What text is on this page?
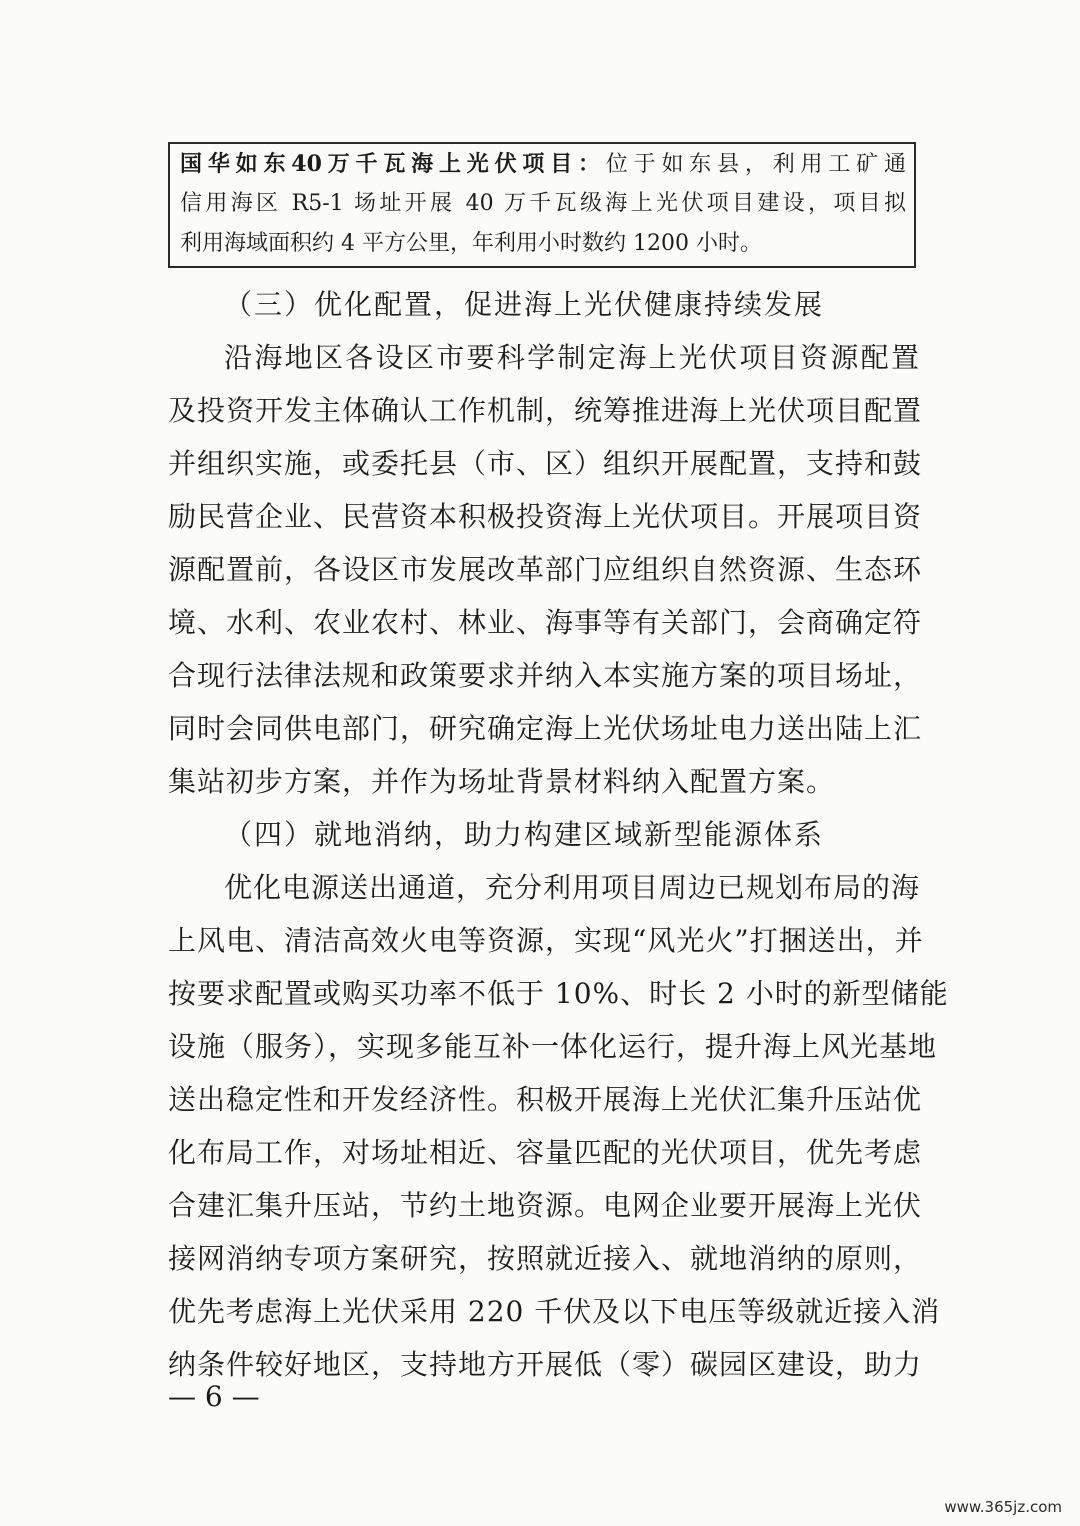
国华如东40万千瓦海上光伏项目：位于如东县，利用工矿通
信用海区 R5-1 场址开展 40 万千瓦级海上光伏项目建设，项目拟
利用海域面积约 4 平方公里，年利用小时数约 1200 小时。
（三）优化配置，促进海上光伏健康持续发展
沿海地区各设区市要科学制定海上光伏项目资源配置
及投资开发主体确认工作机制，统筹推进海上光伏项目配置
并组织实施，或委托县（市、区）组织开展配置，支持和鼓
励民营企业、民营资本积极投资海上光伏项目。开展项目资
源配置前，各设区市发展改革部门应组织自然资源、生态环
境、水利、农业农村、林业、海事等有关部门，会商确定符
合现行法律法规和政策要求并纳入本实施方案的项目场址，
同时会同供电部门，研究确定海上光伏场址电力送出陆上汇
集站初步方案，并作为场址背景材料纳入配置方案。
（四）就地消纳，助力构建区域新型能源体系
优化电源送出通道，充分利用项目周边已规划布局的海
上风电、清洁高效火电等资源，实现“风光火”打捆送出，并
按要求配置或购买功率不低于 10%、时长 2 小时的新型储能
设施（服务），实现多能互补一体化运行，提升海上风光基地
送出稳定性和开发经济性。积极开展海上光伏汇集升压站优
化布局工作，对场址相近、容量匹配的光伏项目，优先考虑
合建汇集升压站，节约土地资源。电网企业要开展海上光伏
接网消纳专项方案研究，按照就近接入、就地消纳的原则，
优先考虑海上光伏采用 220 千伏及以下电压等级就近接入消
纳条件较好地区，支持地方开展低（零）碳园区建设，助力
— 6 —
www.365jz.com
